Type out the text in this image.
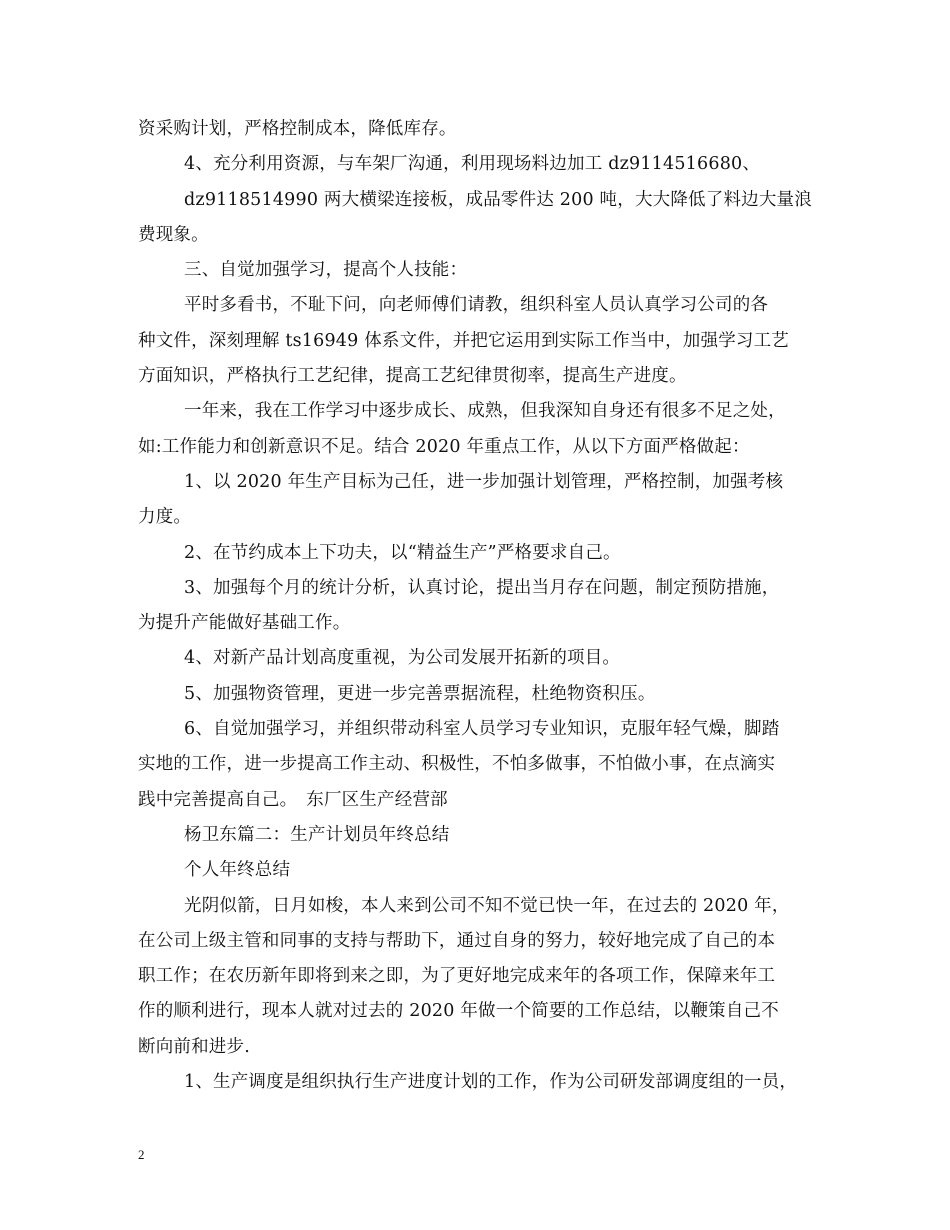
资采购计划，严格控制成本，降低库存。
4、充分利用资源，与车架厂沟通，利用现场料边加工 dz9114516680、
dz9118514990 两大横梁连接板，成品零件达 200 吨，大大降低了料边大量浪
费现象。
三、自觉加强学习，提高个人技能：
平时多看书，不耻下问，向老师傅们请教，组织科室人员认真学习公司的各
种文件，深刻理解 ts16949 体系文件，并把它运用到实际工作当中，加强学习工艺
方面知识，严格执行工艺纪律，提高工艺纪律贯彻率，提高生产进度。
一年来，我在工作学习中逐步成长、成熟，但我深知自身还有很多不足之处，
如:工作能力和创新意识不足。结合 2020 年重点工作，从以下方面严格做起：
1、以 2020 年生产目标为己任，进一步加强计划管理，严格控制，加强考核
力度。
2、在节约成本上下功夫，以“精益生产”严格要求自己。
3、加强每个月的统计分析，认真讨论，提出当月存在问题，制定预防措施，
为提升产能做好基础工作。
4、对新产品计划高度重视，为公司发展开拓新的项目。
5、加强物资管理，更进一步完善票据流程，杜绝物资积压。
6、自觉加强学习，并组织带动科室人员学习专业知识，克服年轻气燥，脚踏
实地的工作，进一步提高工作主动、积极性，不怕多做事，不怕做小事，在点滴实
践中完善提高自己。　东厂区生产经营部
杨卫东篇二：生产计划员年终总结
个人年终总结
光阴似箭，日月如梭，本人来到公司不知不觉已快一年，在过去的 2020 年，
在公司上级主管和同事的支持与帮助下，通过自身的努力，较好地完成了自己的本
职工作；在农历新年即将到来之即，为了更好地完成来年的各项工作，保障来年工
作的顺利进行，现本人就对过去的 2020 年做一个简要的工作总结，以鞭策自己不
断向前和进步.
1、生产调度是组织执行生产进度计划的工作，作为公司研发部调度组的一员，
2
